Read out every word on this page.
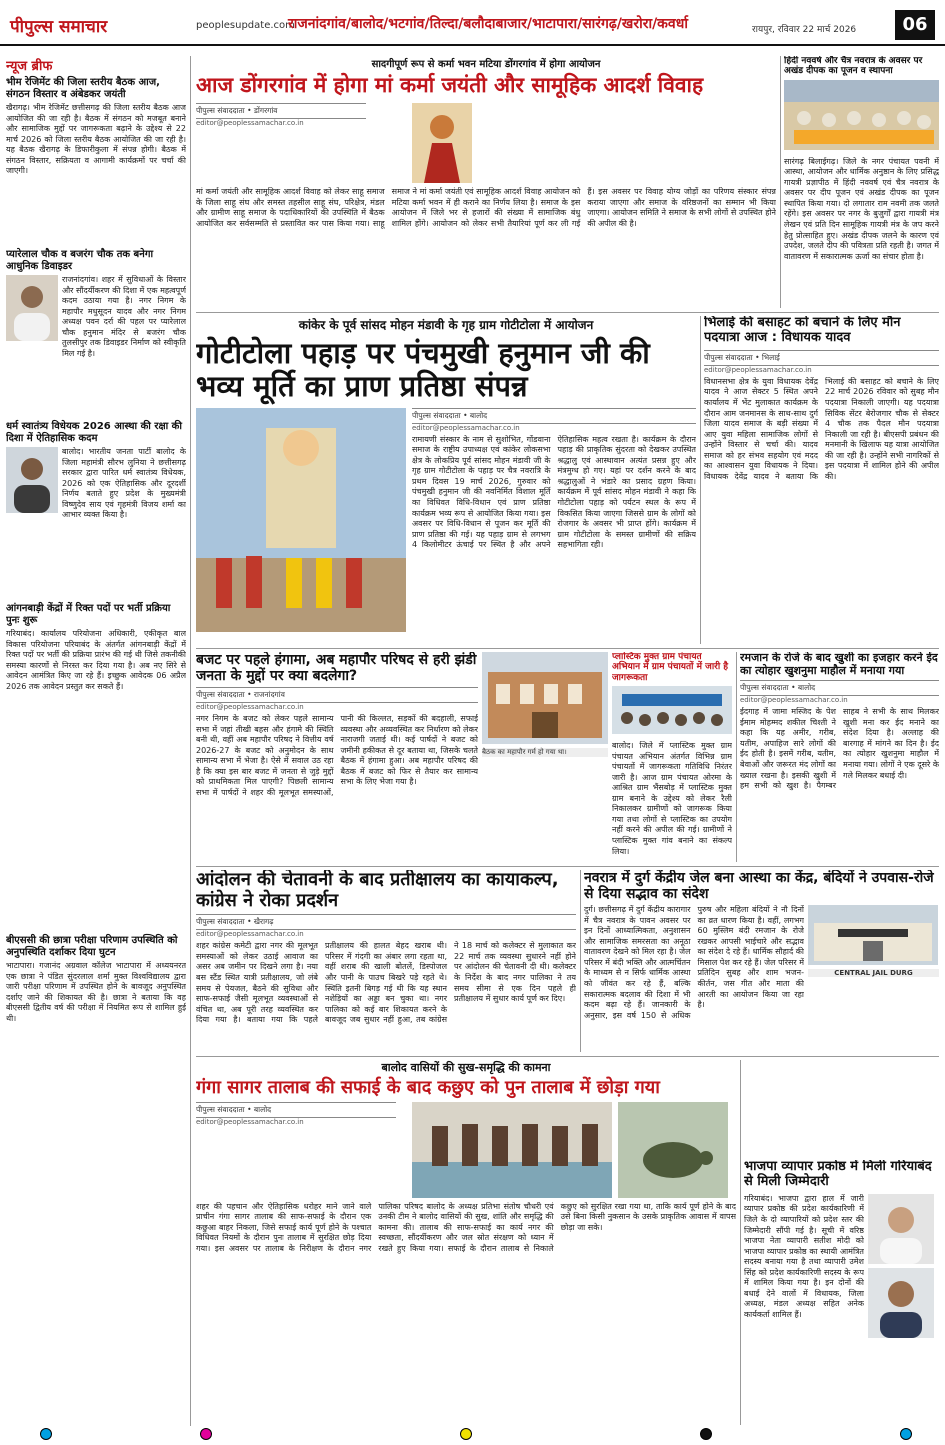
पीपुल्स समाचार	peoplesupdate.com
राजनांदगांव/बालोद/भटगांव/तिल्दा/बलौदाबाजार/भाटापारा/सारंगढ़/खरोरा/कवर्धा	रायपुर, रविवार 22 मार्च 2026	06
न्यूज ब्रीफ
भीम रेजिमेंट की जिला स्तरीय बैठक आज, संगठन विस्तार व अंबेडकर जयंती
खैरागढ़। भीम रेजिमेंट छत्तीसगढ़ की जिला स्तरीय बैठक आज आयोजित की जा रही है। बैठक में संगठन को मजबूत बनाने और सामाजिक मुद्दों पर जागरूकता बढ़ाने के उद्देश्य से 22 मार्च 2026 को जिला स्तरीय बैठक आयोजित की जा रही है। यह बैठक खैरागढ़ के डिफारीकुला में संपन्न होगी। बैठक में संगठन विस्तार, सक्रियता व आगामी कार्यक्रमों पर चर्चा की जाएगी।
प्यारेलाल चौक व बजरंग चौक तक बनेगा आधुनिक डिवाइडर
राजनांदगांव। शहर में सुविधाओं के विस्तार और सौंदर्यीकरण की दिशा में एक महत्वपूर्ण कदम उठाया गया है। नगर निगम के महापौर मधुसूदन यादव और नगर निगम अध्यक्ष पवन दर्रा की पहल पर प्यारेलाल चौक हनुमान मंदिर से बजरंग चौक तुलसीपुर तक डिवाइडर निर्माण को स्वीकृति मिल गई है।
धर्म स्वातंत्र्य विधेयक 2026 आस्था की रक्षा की दिशा में ऐतिहासिक कदम
बालोद। भारतीय जनता पार्टी बालोद के जिला महामंत्री सौरभ लुनिया ने छत्तीसगढ़ सरकार द्वारा पारित धर्म स्वातंत्र्य विधेयक, 2026 को एक ऐतिहासिक और दूरदर्शी निर्णय बताते हुए प्रदेश के मुख्यमंत्री विष्णुदेव साय एवं गृहमंत्री विजय शर्मा का आभार व्यक्त किया है।
आंगनबाड़ी केंद्रों में रिक्त पदों पर भर्ती प्रक्रिया पुनः शुरू
गरियाबंद। कार्यालय परियोजना अधिकारी, एकीकृत बाल विकास परियोजना परियाबंद के अंतर्गत आंगनबाड़ी केंद्रों में रिक्त पदों पर भर्ती की प्रक्रिया प्रारंभ की गई थी जिसे तकनीकी समस्या कारणों से निरस्त कर दिया गया है। अब नए सिरे से आवेदन आमंत्रित किए जा रहे हैं। इच्छुक आवेदक 06 अप्रैल 2026 तक आवेदन प्रस्तुत कर सकते हैं।
बीएससी की छात्रा परीक्षा परिणाम उपस्थिति को अनुपस्थिति दर्शाकर दिया घुटन
भाटापारा। गजानंद अग्रवाल कॉलेज भाटापारा में अध्ययनरत एक छात्रा ने पंडित सुंदरलाल शर्मा मुक्त विश्वविद्यालय द्वारा जारी परीक्षा परिणाम में उपस्थित होने के बावजूद अनुपस्थित दर्शाए जाने की शिकायत की है। छात्रा ने बताया कि वह बीएससी द्वितीय वर्ष की परीक्षा में नियमित रूप से शामिल हुई थी।
सादगीपूर्ण रूप से कर्मा भवन मटिया डोंगरगांव में होगा आयोजन
आज डोंगरगांव में होगा मां कर्मा जयंती और सामूहिक आदर्श विवाह
पीपुल्स संवाददाता • डोंगरगांव
editor@peoplessamachar.co.in
मां कर्मा जयंती और सामूहिक आदर्श विवाह को लेकर साहू समाज के जिला साहू संघ और समस्त तहसील साहू संघ, परिक्षेत्र, मंडल और ग्रामीण साहू समाज के पदाधिकारियों की उपस्थिति में बैठक आयोजित कर सर्वसम्मति से प्रस्तावित कर पास किया गया। साहू समाज ने मां कर्मा जयंती एवं सामूहिक आदर्श विवाह आयोजन को मटिया कर्मा भवन में ही कराने का निर्णय लिया है। समाज के इस आयोजन में जिले भर से हजारों की संख्या में सामाजिक बंधु शामिल होंगे। आयोजन को लेकर सभी तैयारियां पूर्ण कर ली गई हैं। इस अवसर पर विवाह योग्य जोड़ों का परिणय संस्कार संपन्न कराया जाएगा और समाज के वरिष्ठजनों का सम्मान भी किया जाएगा। आयोजन समिति ने समाज के सभी लोगों से उपस्थित होने की अपील की है।
हिंदी नववर्ष और चैत्र नवरात्र के अवसर पर अखंड दीपक का पूजन व स्थापना
सारंगढ़ बिलाईगढ़। जिले के नगर पंचायत पवनी में आस्था, आयोजन और धार्मिक अनुष्ठान के लिए प्रसिद्ध गायत्री प्रज्ञापीठ में हिंदी नववर्ष एवं चैत्र नवरात्र के अवसर पर दीप पूजन एवं अखंड दीपक का पूजन स्थापित किया गया। दो लगातार राम नवमी तक जलते रहेंगे। इस अवसर पर नगर के बुजुर्गों द्वारा गायत्री मंत्र लेखन एवं प्रति दिन सामूहिक गायत्री मंत्र के जप करने हेतु प्रोत्साहित हुए। अखंड दीपक जलने के कारण एवं उपदेश, जलते दीप की पवित्रता प्रति रहती है। जगत में वातावरण में सकारात्मक ऊर्जा का संचार होता है।
कांकेर के पूर्व सांसद मोहन मंडावी के गृह ग्राम गोटीटोला में आयोजन
गोटीटोला पहाड़ पर पंचमुखी हनुमान जी की भव्य मूर्ति का प्राण प्रतिष्ठा संपन्न
पीपुल्स संवाददाता • बालोद
editor@peoplessamachar.co.in
रामायणी संस्कार के नाम से सुशोभित, गोंडवाना समाज के राष्ट्रीय उपाध्यक्ष एवं कांकेर लोकसभा क्षेत्र के लोकप्रिय पूर्व सांसद मोहन मंडावी जी के गृह ग्राम गोटीटोला के पहाड़ पर चैत्र नवरात्रि के प्रथम दिवस 19 मार्च 2026, गुरुवार को पंचमुखी हनुमान जी की नवनिर्मित विशाल मूर्ति का विधिवत विधि-विधान एवं प्राण प्रतिष्ठा कार्यक्रम भव्य रूप से आयोजित किया गया। इस अवसर पर विधि-विधान से पूजन कर मूर्ति की प्राण प्रतिष्ठा की गई। यह पहाड़ ग्राम से लगभग 4 किलोमीटर ऊंचाई पर स्थित है और अपने ऐतिहासिक महत्व रखता है। कार्यक्रम के दौरान पहाड़ की प्राकृतिक सुंदरता को देखकर उपस्थित श्रद्धालु एवं आस्थावान अत्यंत प्रसन्न हुए और मंत्रमुग्ध हो गए। यहां पर दर्शन करने के बाद श्रद्धालुओं ने भंडारे का प्रसाद ग्रहण किया। कार्यक्रम में पूर्व सांसद मोहन मंडावी ने कहा कि गोटीटोला पहाड़ को पर्यटन स्थल के रूप में विकसित किया जाएगा जिससे ग्राम के लोगों को रोजगार के अवसर भी प्राप्त होंगे। कार्यक्रम में ग्राम गोटीटोला के समस्त ग्रामीणों की सक्रिय सहभागिता रही।
भिलाई की बसाहट को बचाने के लिए मौन पदयात्रा आज : विधायक यादव
पीपुल्स संवाददाता • भिलाई
editor@peoplessamachar.co.in
विधानसभा क्षेत्र के युवा विधायक देवेंद्र यादव ने आज सेक्टर 5 स्थित अपने कार्यालय में भेंट मुलाकात कार्यक्रम के दौरान आम जनमानस के साथ-साथ दुर्ग जिला यादव समाज के बड़ी संख्या में आए युवा महिला सामाजिक लोगों से उन्होंने विस्तार से चर्चा की। यादव समाज को हर संभव सहयोग एवं मदद का आश्वासन युवा विधायक ने दिया। विधायक देवेंद्र यादव ने बताया कि भिलाई की बसाहट को बचाने के लिए 22 मार्च 2026 रविवार को सुबह मौन पदयात्रा निकाली जाएगी। यह पदयात्रा सिविक सेंटर बेरोजगार चौक से सेक्टर 4 चौक तक पैदल मौन पदयात्रा निकाली जा रही है। बीएसपी प्रबंधन की मनमानी के खिलाफ यह यात्रा आयोजित की जा रही है। उन्होंने सभी नागरिकों से इस पदयात्रा में शामिल होने की अपील की।
बजट पर पहले हंगामा, अब महापौर परिषद से हरी झंडी जनता के मुद्दों पर क्या बदलेगा?
पीपुल्स संवाददाता • राजनांदगांव
editor@peoplessamachar.co.in
नगर निगम के बजट को लेकर पहले सामान्य सभा में जहां तीखी बहस और हंगामे की स्थिति बनी थी, वहीं अब महापौर परिषद ने वित्तीय वर्ष 2026-27 के बजट को अनुमोदन के साथ सामान्य सभा में भेजा है। ऐसे में सवाल उठ रहा है कि क्या इस बार बजट में जनता से जुड़े मुद्दों को प्राथमिकता मिल पाएगी? पिछली सामान्य सभा में पार्षदों ने शहर की मूलभूत समस्याओं, पानी की किल्लत, सड़कों की बदहाली, सफाई व्यवस्था और अव्यवस्थित कर निर्धारण को लेकर नाराजगी जताई थी। कई पार्षदों ने बजट को जमीनी हकीकत से दूर बताया था, जिसके चलते बैठक में हंगामा हुआ। अब महापौर परिषद की बैठक में बजट को फिर से तैयार कर सामान्य सभा के लिए भेजा गया है।
बैठक का महापौर गर्म हो गया था।
प्लास्टिक मुक्त ग्राम पंचायत अभियान में ग्राम पंचायतों में जारी है जागरूकता
बालोद। जिले में प्लास्टिक मुक्त ग्राम पंचायत अभियान अंतर्गत विभिन्न ग्राम पंचायतों में जागरूकता गतिविधि निरंतर जारी है। आज ग्राम पंचायत ओरमा के आश्रित ग्राम भैंसबोड़ में प्लास्टिक मुक्त ग्राम बनाने के उद्देश्य को लेकर रैली निकालकर ग्रामीणों को जागरूक किया गया तथा लोगों से प्लास्टिक का उपयोग नहीं करने की अपील की गई। ग्रामीणों ने प्लास्टिक मुक्त गांव बनाने का संकल्प लिया।
रमजान के रोजे के बाद खुशी का इजहार करने ईद का त्योहार खुशनुमा माहौल में मनाया गया
पीपुल्स संवाददाता • बालोद
editor@peoplessamachar.co.in
ईदगाह में जामा मस्जिद के पेश ईमाम मोहम्मद शकील चिश्ती ने कहा कि यह अमीर, गरीब, यतीम, अपाहिज सारे लोगों की ईद होती है। इसमें गरीब, यतीम, बेवाओं और जरूरत मंद लोगों का ख्याल रखना है। इसकी खुशी में हम सभी को खुश है। पैगम्बर साहब ने सभी के साथ मिलकर खुशी मना कर ईद मनाने का संदेश दिया है। अल्लाह की बारगाह में मांगने का दिन है। ईद का त्योहार खुशनुमा माहौल में मनाया गया। लोगों ने एक दूसरे के गले मिलकर बधाई दी।
आंदोलन की चेतावनी के बाद प्रतीक्षालय का कायाकल्प, कांग्रेस ने रोका प्रदर्शन
पीपुल्स संवाददाता • खैरागढ़
editor@peoplessamachar.co.in
शहर कांग्रेस कमेटी द्वारा नगर की मूलभूत समस्याओं को लेकर उठाई आवाज का असर अब जमीन पर दिखने लगा है। नया बस स्टैंड स्थित यात्री प्रतीक्षालय, जो लंबे समय से पेयजल, बैठने की सुविधा और साफ-सफाई जैसी मूलभूत व्यवस्थाओं से वंचित था, अब पूरी तरह व्यवस्थित कर दिया गया है। बताया गया कि पहले प्रतीक्षालय की हालत बेहद खराब थी। परिसर में गंदगी का अंबार लगा रहता था, वहीं शराब की खाली बोतलें, डिस्पोजल और पानी के पाउच बिखरे पड़े रहते थे। स्थिति इतनी बिगड़ गई थी कि यह स्थान नशेड़ियों का अड्डा बन चुका था। नगर पालिका को कई बार शिकायत करने के बावजूद जब सुधार नहीं हुआ, तब कांग्रेस ने 18 मार्च को कलेक्टर से मुलाकात कर 22 मार्च तक व्यवस्था सुधारने नहीं होने पर आंदोलन की चेतावनी दी थी। कलेक्टर के निर्देश के बाद नगर पालिका ने तय समय सीमा से एक दिन पहले ही प्रतीक्षालय में सुधार कार्य पूर्ण कर दिए।
नवरात्र में दुर्ग केंद्रीय जेल बना आस्था का केंद्र, बंदियों ने उपवास-रोजे से दिया सद्भाव का संदेश
दुर्ग। छत्तीसगढ़ में दुर्ग केंद्रीय कारागार में चैत्र नवरात्र के पावन अवसर पर इन दिनों आध्यात्मिकता, अनुशासन और सामाजिक समरसता का अनूठा वातावरण देखने को मिल रहा है। जेल परिसर में बंदी भक्ति और आत्मचिंतन के माध्यम से न सिर्फ धार्मिक आस्था को जीवंत कर रहे हैं, बल्कि सकारात्मक बदलाव की दिशा में भी कदम बढ़ा रहे हैं। जानकारी के अनुसार, इस वर्ष 150 से अधिक पुरुष और महिला बंदियों ने नौ दिनों का व्रत धारण किया है। वहीं, लगभग 60 मुस्लिम बंदी रमजान के रोजे रखकर आपसी भाईचारे और सद्भाव का संदेश दे रहे हैं। धार्मिक सौहार्द की मिसाल पेश कर रहे हैं। जेल परिसर में प्रतिदिन सुबह और शाम भजन-कीर्तन, जस गीत और माता की आरती का आयोजन किया जा रहा है।
CENTRAL JAIL DURG
बालोद वासियों की सुख-समृद्धि की कामना
गंगा सागर तालाब की सफाई के बाद कछुए को पुन तालाब में छोड़ा गया
पीपुल्स संवाददाता • बालोद
editor@peoplessamachar.co.in
शहर की पहचान और ऐतिहासिक धरोहर माने जाने वाले प्राचीन गंगा सागर तालाब की साफ-सफाई के दौरान एक कछुआ बाहर निकला, जिसे सफाई कार्य पूर्ण होने के पश्चात विधिवत नियमों के दौरान पुनः तालाब में सुरक्षित छोड़ दिया गया। इस अवसर पर तालाब के निरीक्षण के दौरान नगर पालिका परिषद बालोद के अध्यक्ष प्रतिभा संतोष चौधरी एवं उनकी टीम ने बालोद वासियों की सुख, शांति और समृद्धि की कामना की। तालाब की साफ-सफाई का कार्य नगर की स्वच्छता, सौंदर्यीकरण और जल स्रोत संरक्षण को ध्यान में रखते हुए किया गया। सफाई के दौरान तालाब से निकाले कछुए को सुरक्षित रखा गया था, ताकि कार्य पूर्ण होने के बाद उसे बिना किसी नुकसान के उसके प्राकृतिक आवास में वापस छोड़ा जा सके।
भाजपा व्यापार प्रकोष्ठ में मिली गरियाबंद से मिली जिम्मेदारी
गरियाबंद। भाजपा द्वारा हाल में जारी व्यापार प्रकोष्ठ की प्रदेश कार्यकारिणी में जिले के दो व्यापारियों को प्रदेश स्तर की जिम्मेदारी सौंपी गई है। सूची में वरिष्ठ भाजपा नेता व्यापारी सतीश मोदी को भाजपा व्यापार प्रकोष्ठ का स्थायी आमंत्रित सदस्य बनाया गया है तथा व्यापारी उमेश सिंह को प्रदेश कार्यकारिणी सदस्य के रूप में शामिल किया गया है। इन दोनों की बधाई देने वालों में विधायक, जिला अध्यक्ष, मंडल अध्यक्ष सहित अनेक कार्यकर्ता शामिल हैं।
